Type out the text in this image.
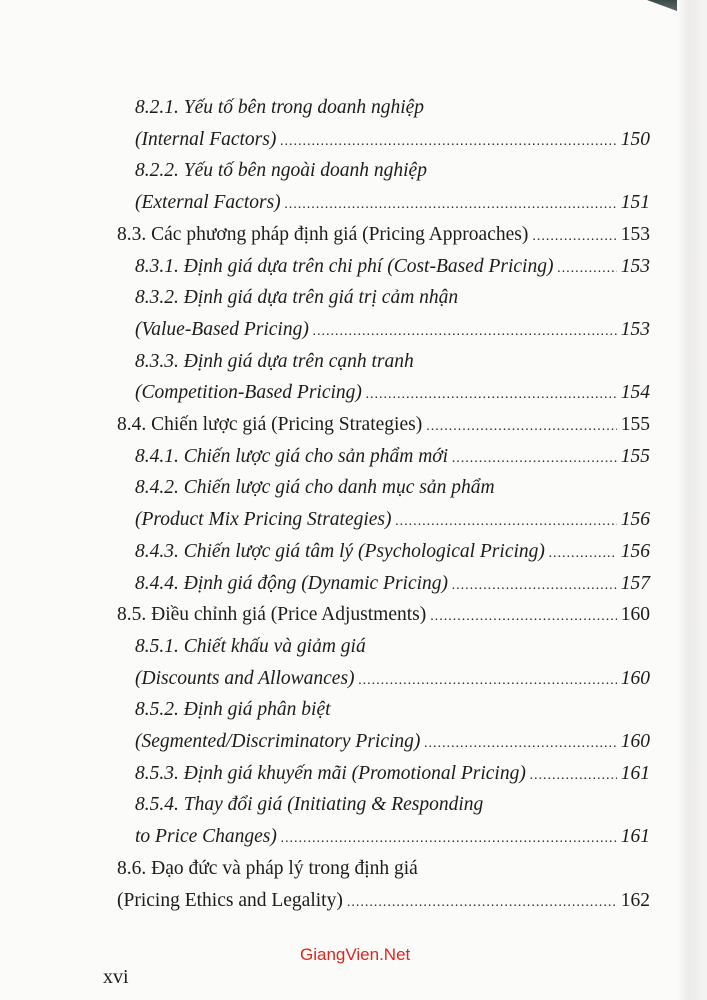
8.2.1. Yếu tố bên trong doanh nghiệp
(Internal Factors) .....	150
8.2.2. Yếu tố bên ngoài doanh nghiệp
(External Factors) .....	151
8.3. Các phương pháp định giá (Pricing Approaches) .....	153
8.3.1. Định giá dựa trên chi phí (Cost-Based Pricing) .....	153
8.3.2. Định giá dựa trên giá trị cảm nhận
(Value-Based Pricing) .....	153
8.3.3. Định giá dựa trên cạnh tranh
(Competition-Based Pricing) .....	154
8.4. Chiến lược giá (Pricing Strategies) .....	155
8.4.1. Chiến lược giá cho sản phẩm mới .....	155
8.4.2. Chiến lược giá cho danh mục sản phẩm
(Product Mix Pricing Strategies) .....	156
8.4.3. Chiến lược giá tâm lý (Psychological Pricing) .....	156
8.4.4. Định giá động (Dynamic Pricing) .....	157
8.5. Điều chỉnh giá (Price Adjustments) .....	160
8.5.1. Chiết khấu và giảm giá
(Discounts and Allowances) .....	160
8.5.2. Định giá phân biệt
(Segmented/Discriminatory Pricing) .....	160
8.5.3. Định giá khuyến mãi (Promotional Pricing) .....	161
8.5.4. Thay đổi giá (Initiating & Responding
to Price Changes) .....	161
8.6. Đạo đức và pháp lý trong định giá
(Pricing Ethics and Legality) .....	162
GiangVien.Net
xvi
